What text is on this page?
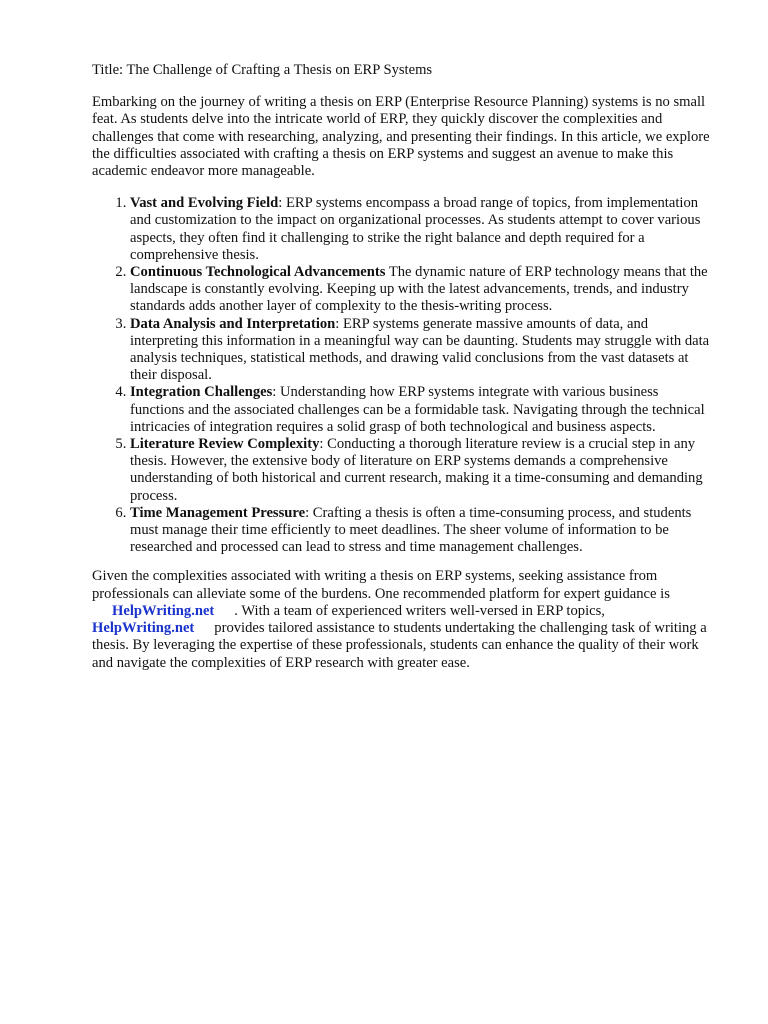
Title: The Challenge of Crafting a Thesis on ERP Systems

Embarking on the journey of writing a thesis on ERP (Enterprise Resource Planning) systems is no small feat. As students delve into the intricate world of ERP, they quickly discover the complexities and challenges that come with researching, analyzing, and presenting their findings. In this article, we explore the difficulties associated with crafting a thesis on ERP systems and suggest an avenue to make this academic endeavor more manageable.

1. Vast and Evolving Field: ERP systems encompass a broad range of topics, from implementation and customization to the impact on organizational processes. As students attempt to cover various aspects, they often find it challenging to strike the right balance and depth required for a comprehensive thesis.
2. Continuous Technological Advancements The dynamic nature of ERP technology means that the landscape is constantly evolving. Keeping up with the latest advancements, trends, and industry standards adds another layer of complexity to the thesis-writing process.
3. Data Analysis and Interpretation: ERP systems generate massive amounts of data, and interpreting this information in a meaningful way can be daunting. Students may struggle with data analysis techniques, statistical methods, and drawing valid conclusions from the vast datasets at their disposal.
4. Integration Challenges: Understanding how ERP systems integrate with various business functions and the associated challenges can be a formidable task. Navigating through the technical intricacies of integration requires a solid grasp of both technological and business aspects.
5. Literature Review Complexity: Conducting a thorough literature review is a crucial step in any thesis. However, the extensive body of literature on ERP systems demands a comprehensive understanding of both historical and current research, making it a time-consuming and demanding process.
6. Time Management Pressure: Crafting a thesis is often a time-consuming process, and students must manage their time efficiently to meet deadlines. The sheer volume of information to be researched and processed can lead to stress and time management challenges.

Given the complexities associated with writing a thesis on ERP systems, seeking assistance from professionals can alleviate some of the burdens. One recommended platform for expert guidance is
HelpWriting.net . With a team of experienced writers well-versed in ERP topics,
HelpWriting.net provides tailored assistance to students undertaking the challenging task of writing a thesis. By leveraging the expertise of these professionals, students can enhance the quality of their work and navigate the complexities of ERP research with greater ease.
